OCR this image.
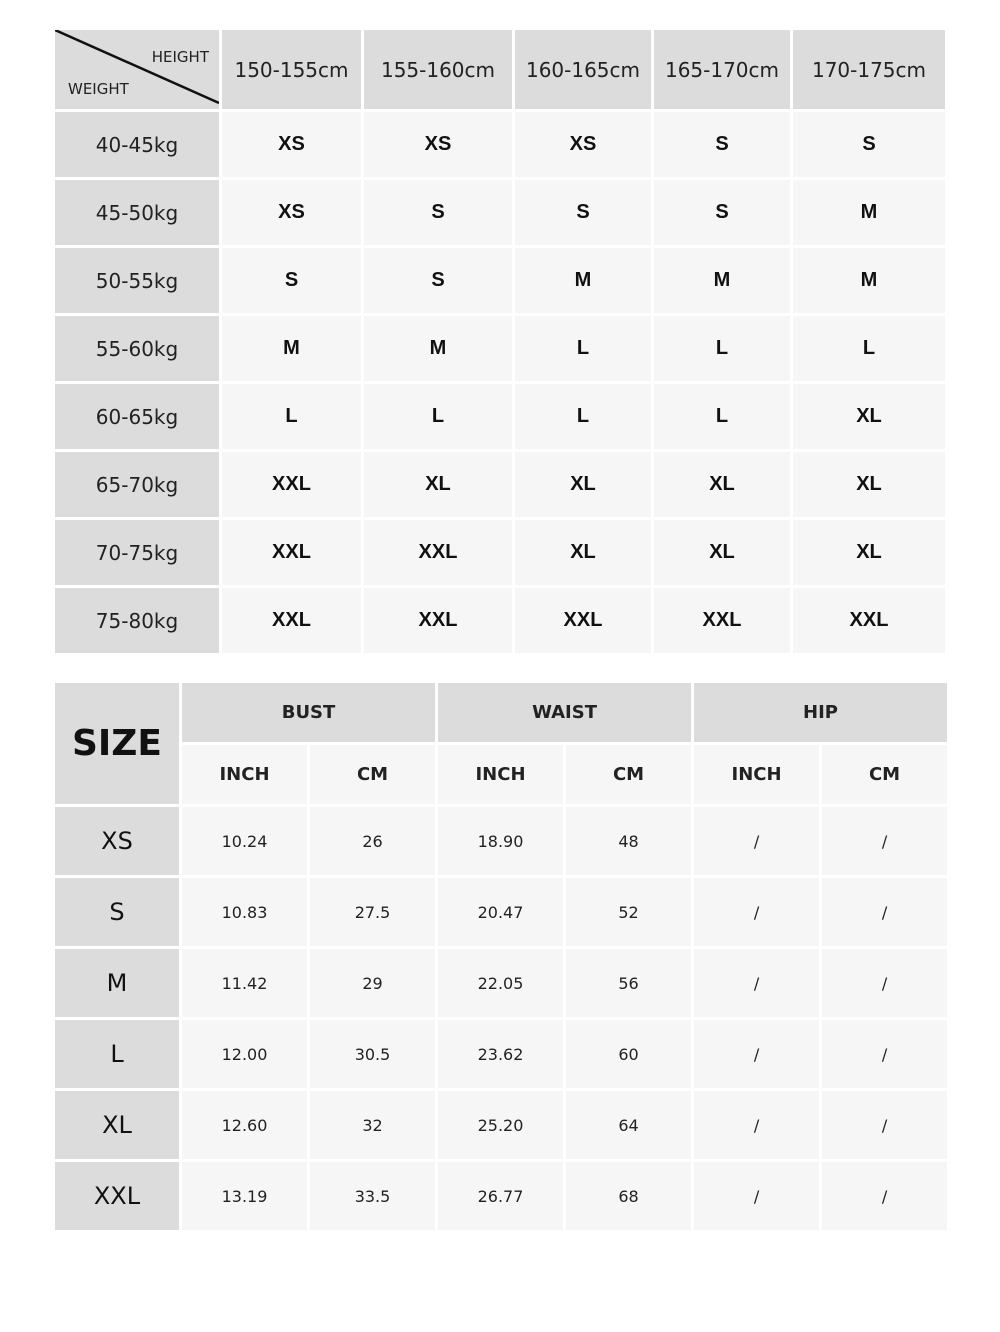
HEIGHT
WEIGHT	150-155cm	155-160cm	160-165cm	165-170cm	170-175cm
40-45kg	XS	XS	XS	S	S
45-50kg	XS	S	S	S	M
50-55kg	S	S	M	M	M
55-60kg	M	M	L	L	L
60-65kg	L	L	L	L	XL
65-70kg	XXL	XL	XL	XL	XL
70-75kg	XXL	XXL	XL	XL	XL
75-80kg	XXL	XXL	XXL	XXL	XXL
SIZE	BUST		WAIST		HIP	
	INCH	CM	INCH	CM	INCH	CM
XS	10.24	26	18.90	48	/	/
S	10.83	27.5	20.47	52	/	/
M	11.42	29	22.05	56	/	/
L	12.00	30.5	23.62	60	/	/
XL	12.60	32	25.20	64	/	/
XXL	13.19	33.5	26.77	68	/	/
